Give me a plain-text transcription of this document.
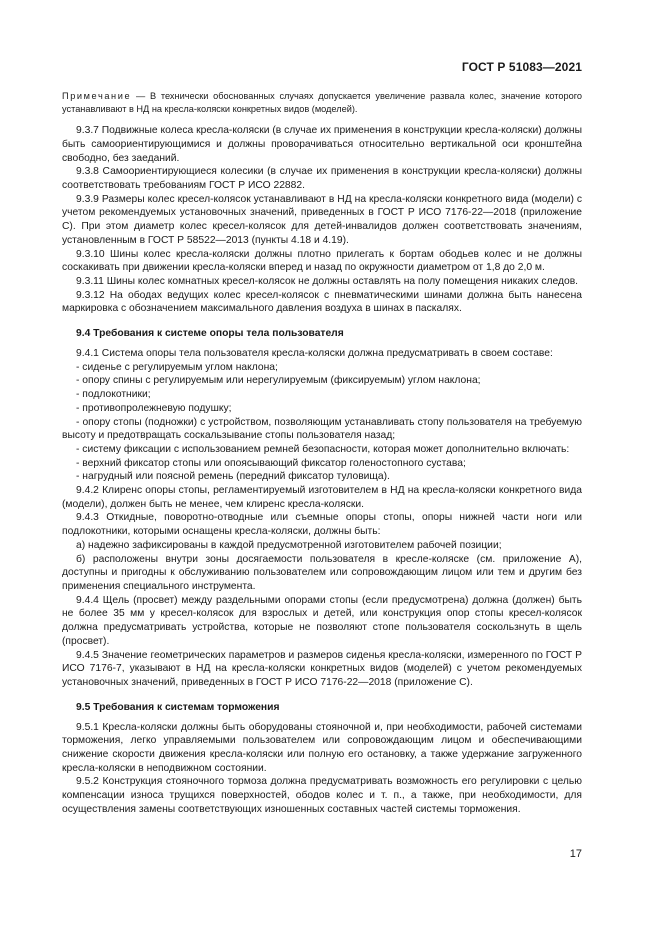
ГОСТ Р 51083—2021
Примечание — В технически обоснованных случаях допускается увеличение развала колес, значение которого устанавливают в НД на кресла-коляски конкретных видов (моделей).

9.3.7 Подвижные колеса кресла-коляски (в случае их применения в конструкции кресла-коляски) должны быть самоориентирующимися и должны проворачиваться относительно вертикальной оси кронштейна свободно, без заеданий.

9.3.8 Самоориентирующиеся колесики (в случае их применения в конструкции кресла-коляски) должны соответствовать требованиям ГОСТ Р ИСО 22882.

9.3.9 Размеры колес кресел-колясок устанавливают в НД на кресла-коляски конкретного вида (модели) с учетом рекомендуемых установочных значений, приведенных в ГОСТ Р ИСО 7176-22—2018 (приложение С). При этом диаметр колес кресел-колясок для детей-инвалидов должен соответствовать значениям, установленным в ГОСТ Р 58522—2013 (пункты 4.18 и 4.19).

9.3.10 Шины колес кресла-коляски должны плотно прилегать к бортам ободьев колес и не должны соскакивать при движении кресла-коляски вперед и назад по окружности диаметром от 1,8 до 2,0 м.

9.3.11 Шины колес комнатных кресел-колясок не должны оставлять на полу помещения никаких следов.

9.3.12 На ободах ведущих колес кресел-колясок с пневматическими шинами должна быть нанесена маркировка с обозначением максимального давления воздуха в шинах в паскалях.

9.4 Требования к системе опоры тела пользователя

9.4.1 Система опоры тела пользователя кресла-коляски должна предусматривать в своем составе:

- сиденье с регулируемым углом наклона;

- опору спины с регулируемым или нерегулируемым (фиксируемым) углом наклона;

- подлокотники;

- противопролежневую подушку;

- опору стопы (подножки) с устройством, позволяющим устанавливать стопу пользователя на требуемую высоту и предотвращать соскальзывание стопы пользователя назад;

- систему фиксации с использованием ремней безопасности, которая может дополнительно включать:

- верхний фиксатор стопы или опоясывающий фиксатор голеностопного сустава;

- нагрудный или поясной ремень (передний фиксатор туловища).

9.4.2 Клиренс опоры стопы, регламентируемый изготовителем в НД на кресла-коляски конкретного вида (модели), должен быть не менее, чем клиренс кресла-коляски.

9.4.3 Откидные, поворотно-отводные или съемные опоры стопы, опоры нижней части ноги или подлокотники, которыми оснащены кресла-коляски, должны быть:

а) надежно зафиксированы в каждой предусмотренной изготовителем рабочей позиции;

б) расположены внутри зоны досягаемости пользователя в кресле-коляске (см. приложение А), доступны и пригодны к обслуживанию пользователем или сопровождающим лицом или тем и другим без применения специального инструмента.

9.4.4 Щель (просвет) между раздельными опорами стопы (если предусмотрена) должна (должен) быть не более 35 мм у кресел-колясок для взрослых и детей, или конструкция опор стопы кресел-колясок должна предусматривать устройства, которые не позволяют стопе пользователя соскользнуть в щель (просвет).

9.4.5 Значение геометрических параметров и размеров сиденья кресла-коляски, измеренного по ГОСТ Р ИСО 7176-7, указывают в НД на кресла-коляски конкретных видов (моделей) с учетом рекомендуемых установочных значений, приведенных в ГОСТ Р ИСО 7176-22—2018 (приложение С).

9.5 Требования к системам торможения

9.5.1 Кресла-коляски должны быть оборудованы стояночной и, при необходимости, рабочей системами торможения, легко управляемыми пользователем или сопровождающим лицом и обеспечивающими снижение скорости движения кресла-коляски или полную его остановку, а также удержание загруженного кресла-коляски в неподвижном состоянии.

9.5.2 Конструкция стояночного тормоза должна предусматривать возможность его регулировки с целью компенсации износа трущихся поверхностей, ободов колес и т. п., а также, при необходимости, для осуществления замены соответствующих изношенных составных частей системы торможения.

17
